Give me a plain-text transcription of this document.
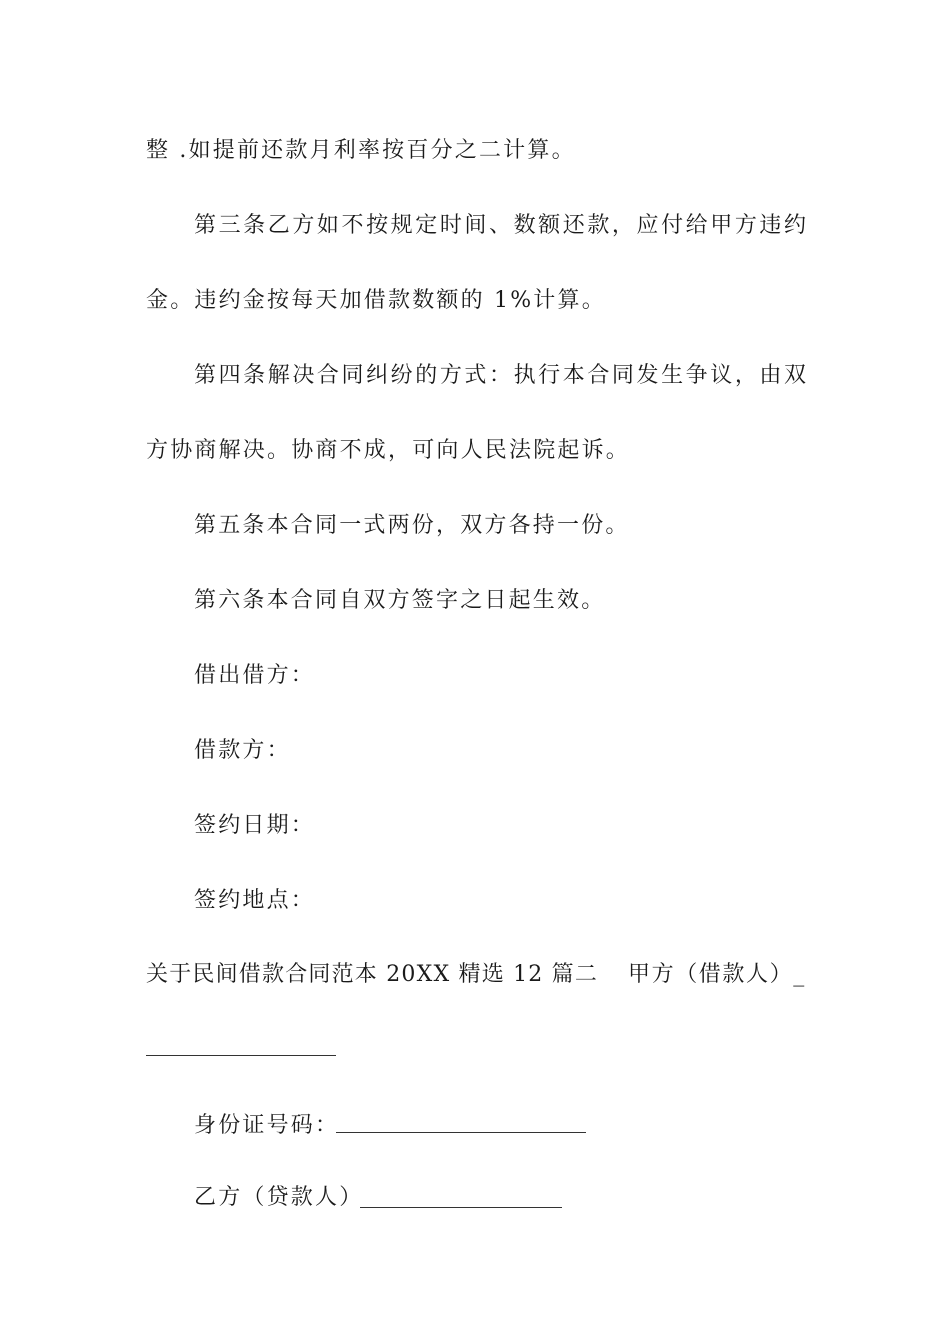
整 .如提前还款月利率按百分之二计算。
第三条乙方如不按规定时间、数额还款，应付给甲方违约
金。违约金按每天加借款数额的 1%计算。
第四条解决合同纠纷的方式：执行本合同发生争议，由双
方协商解决。协商不成，可向人民法院起诉。
第五条本合同一式两份，双方各持一份。
第六条本合同自双方签字之日起生效。
借出借方：
借款方：
签约日期：
签约地点：
关于民间借款合同范本 20XX 精选 12 篇二 甲方（借款人）_
身份证号码：
乙方（贷款人）
